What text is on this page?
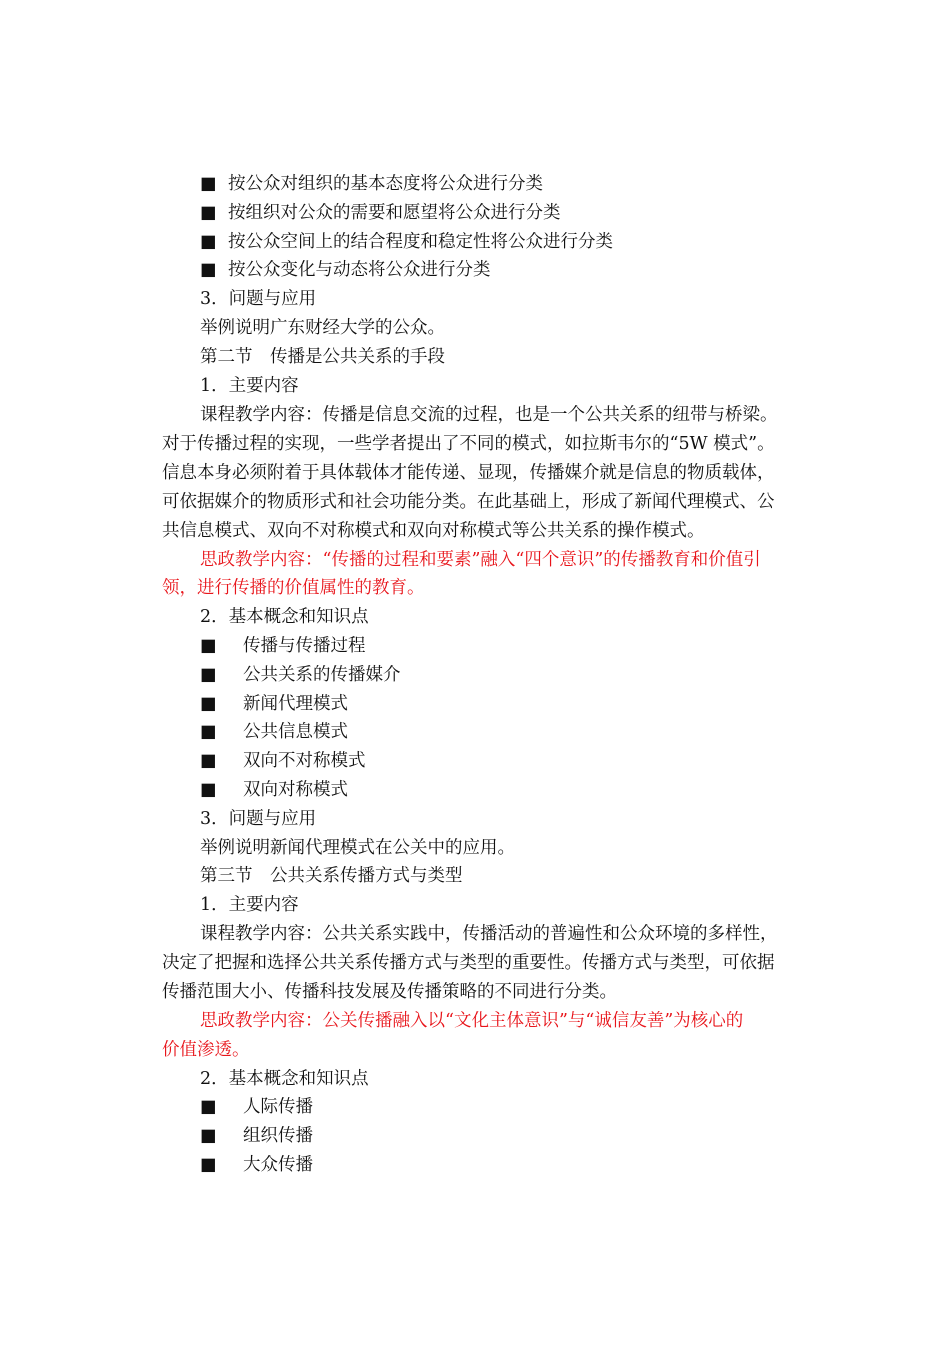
■ 按公众对组织的基本态度将公众进行分类
■ 按组织对公众的需要和愿望将公众进行分类
■ 按公众空间上的结合程度和稳定性将公众进行分类
■ 按公众变化与动态将公众进行分类
3．问题与应用
举例说明广东财经大学的公众。
第二节　传播是公共关系的手段
1．主要内容
课程教学内容：传播是信息交流的过程，也是一个公共关系的纽带与桥梁。
对于传播过程的实现，一些学者提出了不同的模式，如拉斯韦尔的“5W 模式”。
信息本身必须附着于具体载体才能传递、显现，传播媒介就是信息的物质载体，
可依据媒介的物质形式和社会功能分类。在此基础上，形成了新闻代理模式、公
共信息模式、双向不对称模式和双向对称模式等公共关系的操作模式。
思政教学内容：“传播的过程和要素”融入“四个意识”的传播教育和价值引
领，进行传播的价值属性的教育。
2．基本概念和知识点
■ 传播与传播过程
■ 公共关系的传播媒介
■ 新闻代理模式
■ 公共信息模式
■ 双向不对称模式
■ 双向对称模式
3．问题与应用
举例说明新闻代理模式在公关中的应用。
第三节　公共关系传播方式与类型
1．主要内容
课程教学内容：公共关系实践中，传播活动的普遍性和公众环境的多样性，
决定了把握和选择公共关系传播方式与类型的重要性。传播方式与类型，可依据
传播范围大小、传播科技发展及传播策略的不同进行分类。
思政教学内容：公关传播融入以“文化主体意识”与“诚信友善”为核心的
价值渗透。
2．基本概念和知识点
■ 人际传播
■ 组织传播
■ 大众传播
